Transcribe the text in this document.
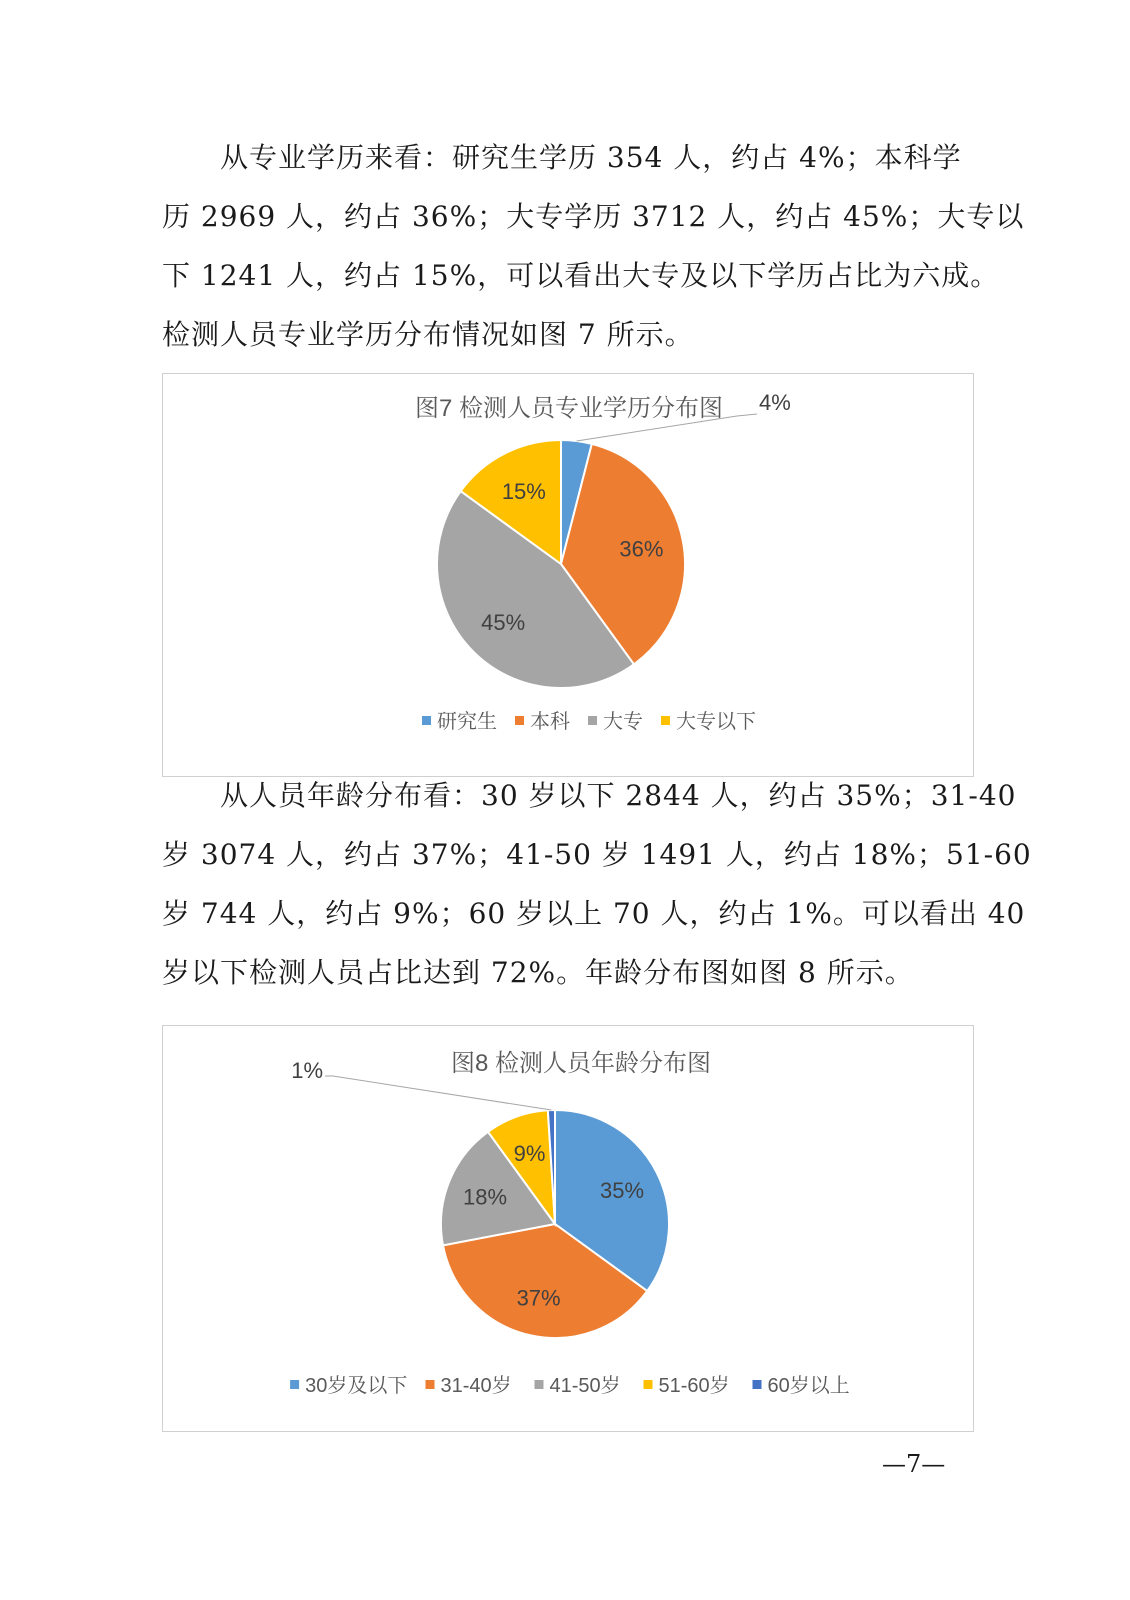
　　从专业学历来看：研究生学历 354 人，约占 4%；本科学
历 2969 人，约占 36%；大专学历 3712 人，约占 45%；大专以
下 1241 人，约占 15%，可以看出大专及以下学历占比为六成。
检测人员专业学历分布情况如图 7 所示。
图7 检测人员专业学历分布图 4%
36%
45%
15%
研究生 本科 大专 大专以下
　　从人员年龄分布看：30 岁以下 2844 人，约占 35%；31-40
岁 3074 人，约占 37%；41-50 岁 1491 人，约占 18%；51-60
岁 744 人，约占 9%；60 岁以上 70 人，约占 1%。可以看出 40
岁以下检测人员占比达到 72%。年龄分布图如图 8 所示。
图8 检测人员年龄分布图
35%
37%
18%
9%
1%
30岁及以下 31-40岁 41-50岁 51-60岁 60岁以上
—7—
